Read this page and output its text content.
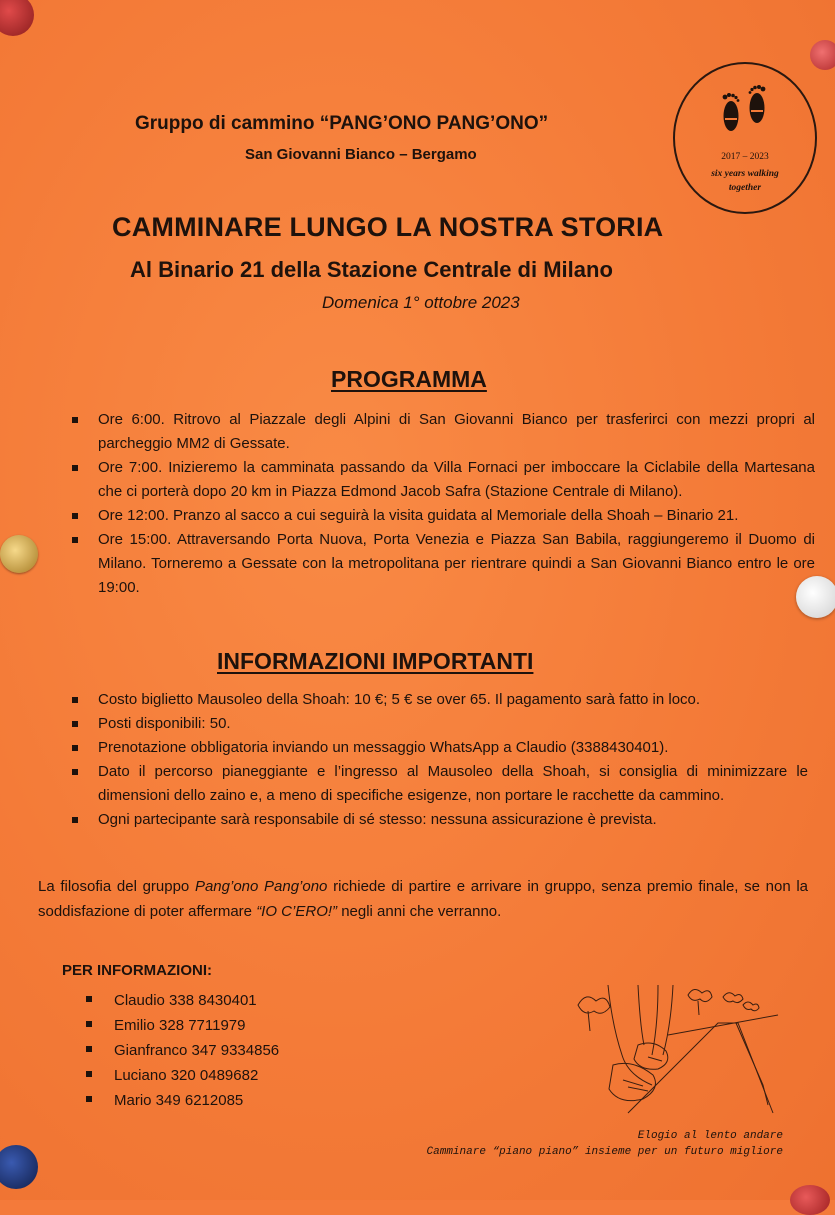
Gruppo di cammino “PANG’ONO PANG’ONO”
San Giovanni Bianco – Bergamo	2017 – 2023
six years walking together
CAMMINARE LUNGO LA NOSTRA STORIA
Al Binario 21 della Stazione Centrale di Milano
Domenica 1° ottobre 2023
PROGRAMMA
Ore 6:00. Ritrovo al Piazzale degli Alpini di San Giovanni Bianco per trasferirci con mezzi propri al parcheggio MM2 di Gessate.
Ore 7:00. Inizieremo la camminata passando da Villa Fornaci per imboccare la Ciclabile della Martesana che ci porterà dopo 20 km in Piazza Edmond Jacob Safra (Stazione Centrale di Milano).
Ore 12:00. Pranzo al sacco a cui seguirà la visita guidata al Memoriale della Shoah – Binario 21.
Ore 15:00. Attraversando Porta Nuova, Porta Venezia e Piazza San Babila, raggiungeremo il Duomo di Milano. Torneremo a Gessate con la metropolitana per rientrare quindi a San Giovanni Bianco entro le ore 19:00.
INFORMAZIONI IMPORTANTI
Costo biglietto Mausoleo della Shoah: 10 €; 5 € se over 65. Il pagamento sarà fatto in loco.
Posti disponibili: 50.
Prenotazione obbligatoria inviando un messaggio WhatsApp a Claudio (3388430401).
Dato il percorso pianeggiante e l’ingresso al Mausoleo della Shoah, si consiglia di minimizzare le dimensioni dello zaino e, a meno di specifiche esigenze, non portare le racchette da cammino.
Ogni partecipante sarà responsabile di sé stesso: nessuna assicurazione è prevista.
La filosofia del gruppo Pang’ono Pang’ono richiede di partire e arrivare in gruppo, senza premio finale, se non la soddisfazione di poter affermare “IO C’ERO!” negli anni che verranno.
PER INFORMAZIONI:
Claudio 338 8430401
Emilio 328 7711979
Gianfranco 347 9334856
Luciano 320 0489682
Mario 349 6212085
Elogio al lento andare
Camminare “piano piano” insieme per un futuro migliore
